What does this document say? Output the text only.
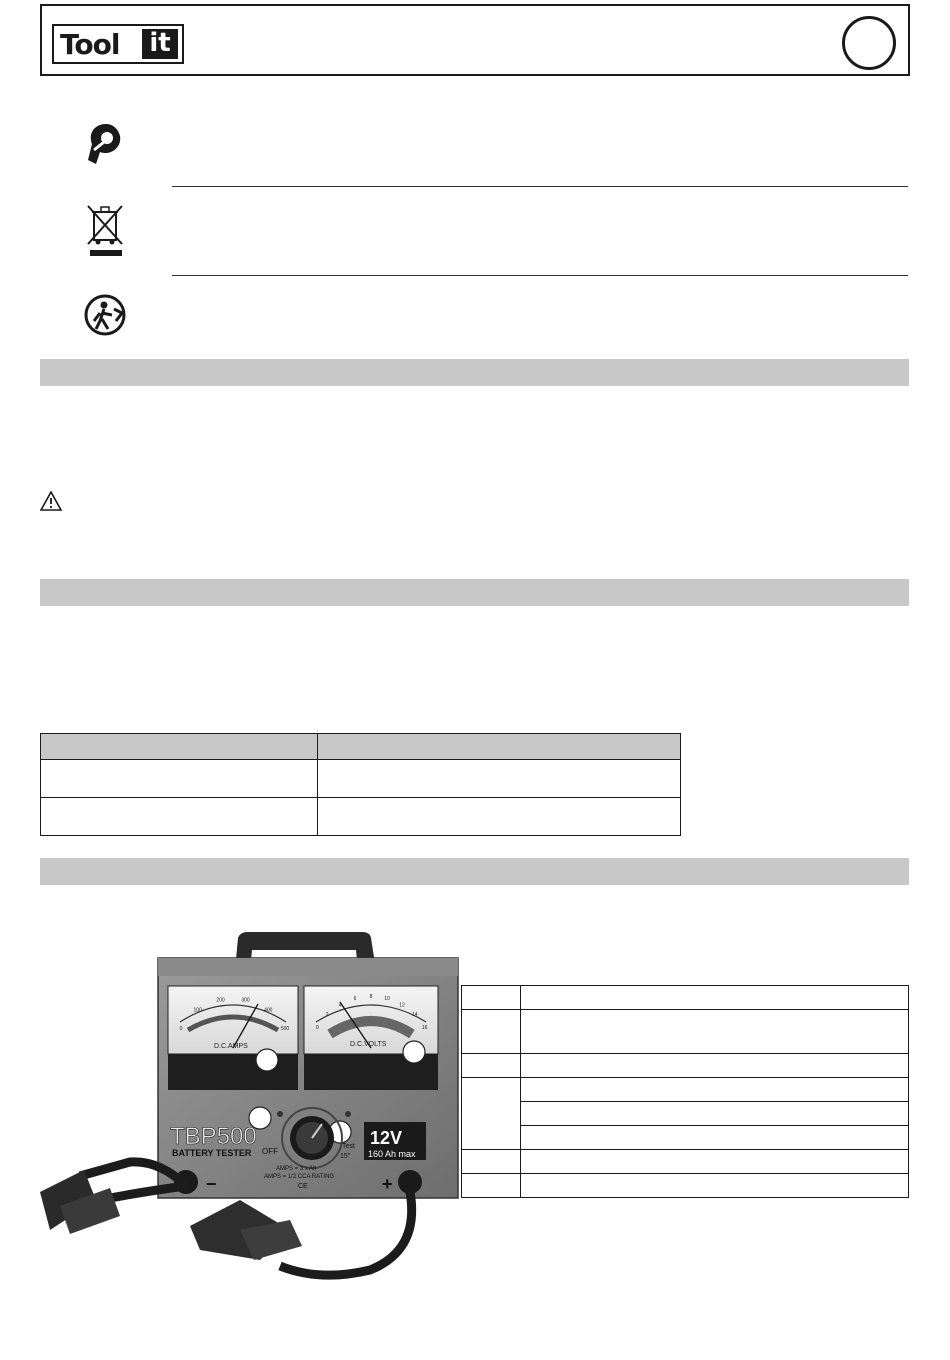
Tool it

TBP500
BATTERY TESTER
12V
160 Ah max
D.C.AMPS	D.C.VOLTS
OFF
Test
15"
AMPS = 3 x Ah
AMPS = 1/2 CCA RATING
CE
−	+
0
100
200	300
400
500	0
2
4
6	8 10
12
14
16
